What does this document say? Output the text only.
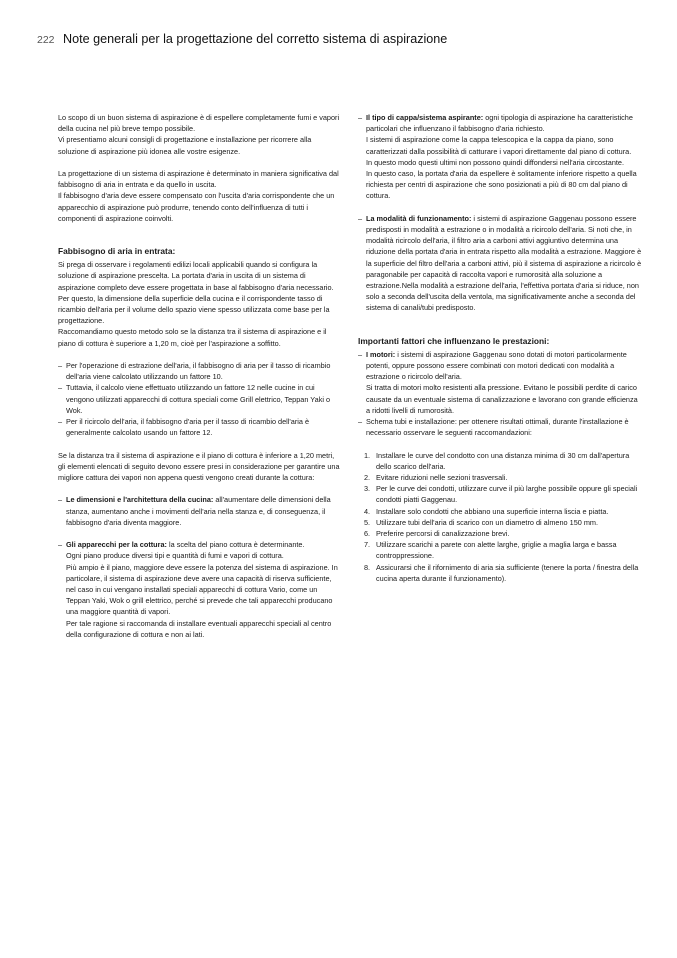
222 Note generali per la progettazione del corretto sistema di aspirazione

Lo scopo di un buon sistema di aspirazione è di espellere completamente fumi e vapori della cucina nel più breve tempo possibile.

Vi presentiamo alcuni consigli di progettazione e installazione per ricorrere alla soluzione di aspirazione più idonea alle vostre esigenze.

La progettazione di un sistema di aspirazione è determinato in maniera significativa dal fabbisogno di aria in entrata e da quello in uscita.

Il fabbisogno d'aria deve essere compensato con l'uscita d'aria corrispondente che un apparecchio di aspirazione può produrre, tenendo conto dell'influenza di tutti i componenti di aspirazione coinvolti.

Fabbisogno di aria in entrata:

Si prega di osservare i regolamenti edilizi locali applicabili quando si configura la soluzione di aspirazione prescelta. La portata d'aria in uscita di un sistema di aspirazione completo deve essere progettata in base al fabbisogno d'aria necessario.

Per questo, la dimensione della superficie della cucina e il corrispondente tasso di ricambio dell'aria per il volume dello spazio viene spesso utilizzata come base per la progettazione.

Raccomandiamo questo metodo solo se la distanza tra il sistema di aspirazione e il piano di cottura è superiore a 1,20 m, cioè per l'aspirazione a soffitto.

– Per l'operazione di estrazione dell'aria, il fabbisogno di aria per il tasso di ricambio dell'aria viene calcolato utilizzando un fattore 10.
– Tuttavia, il calcolo viene effettuato utilizzando un fattore 12 nelle cucine in cui vengono utilizzati apparecchi di cottura speciali come Grill elettrico, Teppan Yaki o Wok.
– Per il ricircolo dell'aria, il fabbisogno d'aria per il tasso di ricambio dell'aria è generalmente calcolato usando un fattore 12.

Se la distanza tra il sistema di aspirazione e il piano di cottura è inferiore a 1,20 metri, gli elementi elencati di seguito devono essere presi in considerazione per garantire una migliore cattura dei vapori non appena questi vengono creati durante la cottura:

– Le dimensioni e l'architettura della cucina: all'aumentare delle dimensioni della stanza, aumentano anche i movimenti dell'aria nella stanza e, di conseguenza, il fabbisogno d'aria diventa maggiore.
– Gli apparecchi per la cottura: la scelta del piano cottura è determinante.

Ogni piano produce diversi tipi e quantità di fumi e vapori di cottura.

Più ampio è il piano, maggiore deve essere la potenza del sistema di aspirazione. In particolare, il sistema di aspirazione deve avere una capacità di riserva sufficiente, nel caso in cui vengano installati speciali apparecchi di cottura Vario, come un Teppan Yaki, Wok o grill elettrico, perché si prevede che tali apparecchi producano una maggiore quantità di vapori.

Per tale ragione si raccomanda di installare eventuali apparecchi speciali al centro della configurazione di cottura e non ai lati.

– Il tipo di cappa/sistema aspirante: ogni tipologia di aspirazione ha caratteristiche particolari che influenzano il fabbisogno d'aria richiesto.

I sistemi di aspirazione come la cappa telescopica e la cappa da piano, sono caratterizzati dalla possibilità di catturare i vapori direttamente dal piano di cottura.

In questo modo questi ultimi non possono quindi diffondersi nell'aria circostante.

In questo caso, la portata d'aria da espellere è solitamente inferiore rispetto a quella richiesta per centri di aspirazione che sono posizionati a più di 80 cm dal piano di cottura.

– La modalità di funzionamento: i sistemi di aspirazione Gaggenau possono essere predisposti in modalità a estrazione o in modalità a ricircolo dell'aria. Si noti che, in modalità ricircolo dell'aria, il filtro aria a carboni attivi aggiuntivo determina una riduzione della portata d'aria in entrata rispetto alla modalità a estrazione. Maggiore è la superficie del filtro dell'aria a carboni attivi, più il sistema di aspirazione a ricircolo è paragonabile per capacità di raccolta vapori e rumorosità alla soluzione a estrazione.Nella modalità a estrazione dell'aria, l'effettiva portata d'aria si riduce, non solo a seconda dell'uscita della ventola, ma significativamente anche a seconda del sistema di canali/tubi predisposto.

Importanti fattori che influenzano le prestazioni:

– I motori: i sistemi di aspirazione Gaggenau sono dotati di motori particolarmente potenti, oppure possono essere combinati con motori dedicati con modalità a estrazione o ricircolo dell'aria.

Si tratta di motori molto resistenti alla pressione. Evitano le possibili perdite di carico causate da un eventuale sistema di canalizzazione e lavorano con grande efficienza a ridotti livelli di rumorosità.

– Schema tubi e installazione: per ottenere risultati ottimali, durante l'installazione è necessario osservare le seguenti raccomandazioni:
1. Installare le curve del condotto con una distanza minima di 30 cm dall'apertura dello scarico dell'aria.
2. Evitare riduzioni nelle sezioni trasversali.
3. Per le curve dei condotti, utilizzare curve il più larghe possibile oppure gli speciali condotti piatti Gaggenau.
4. Installare solo condotti che abbiano una superficie interna liscia e piatta.
5. Utilizzare tubi dell'aria di scarico con un diametro di almeno 150 mm.
6. Preferire percorsi di canalizzazione brevi.
7. Utilizzare scarichi a parete con alette larghe, griglie a maglia larga e bassa controppressione.
8. Assicurarsi che il rifornimento di aria sia sufficiente (tenere la porta / finestra della cucina aperta durante il funzionamento).
